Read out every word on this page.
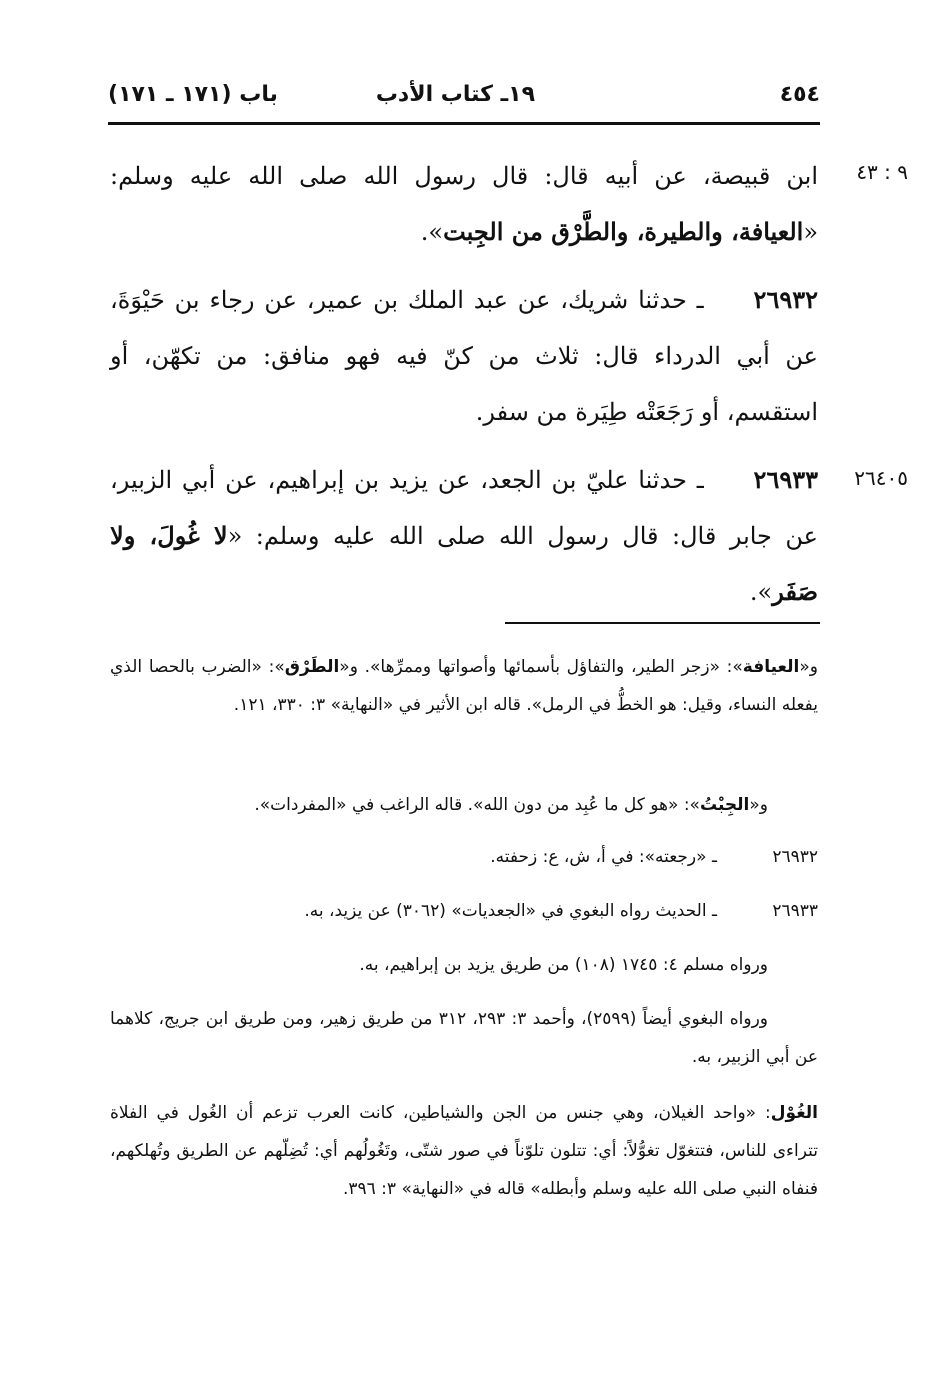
٤٥٤
١٩ـ كتاب الأدب
باب (١٧١ ـ ١٧١)
٩ : ٤٣
ابن قبيصة، عن أبيه قال: قال رسول الله صلى الله عليه وسلم: «العيافة، والطيرة، والطَّرْق من الجِبت».
٢٦٩٣٢ ـ حدثنا شريك، عن عبد الملك بن عمير، عن رجاء بن حَيْوَةَ، عن أبي الدرداء قال: ثلاث من كنّ فيه فهو منافق: من تكهّن، أو استقسم، أو رَجَعَتْه طِيَرة من سفر.
٢٦٤٠٥
٢٦٩٣٣ ـ حدثنا عليّ بن الجعد، عن يزيد بن إبراهيم، عن أبي الزبير، عن جابر قال: قال رسول الله صلى الله عليه وسلم: «لا غُولَ، ولا صَفَر».
و«العيافة»: «زجر الطير، والتفاؤل بأسمائها وأصواتها وممرِّها». و«الطَرْق»: «الضرب بالحصا الذي يفعله النساء، وقيل: هو الخطُّ في الرمل». قاله ابن الأثير في «النهاية» ٣: ٣٣٠، ١٢١.
و«الجِبْتُ»: «هو كل ما عُبِد من دون الله». قاله الراغب في «المفردات».
٢٦٩٣٢ ـ «رجعته»: في أ، ش، ع: زحفته.
٢٦٩٣٣ ـ الحديث رواه البغوي في «الجعديات» (٣٠٦٢) عن يزيد، به.
ورواه مسلم ٤: ١٧٤٥ (١٠٨) من طريق يزيد بن إبراهيم، به.
ورواه البغوي أيضاً (٢٥٩٩)، وأحمد ٣: ٢٩٣، ٣١٢ من طريق زهير، ومن طريق ابن جريج، كلاهما عن أبي الزبير، به.
الغُوْل: «واحد الغيلان، وهي جنس من الجن والشياطين، كانت العرب تزعم أن الغُول في الفلاة تتراءى للناس، فتتغوّل تغوُّلاً: أي: تتلون تلوّناً في صور شتّى، وتَغُولُهم أي: تُضِلّهم عن الطريق وتُهلكهم، فنفاه النبي صلى الله عليه وسلم وأبطله» قاله في «النهاية» ٣: ٣٩٦.
